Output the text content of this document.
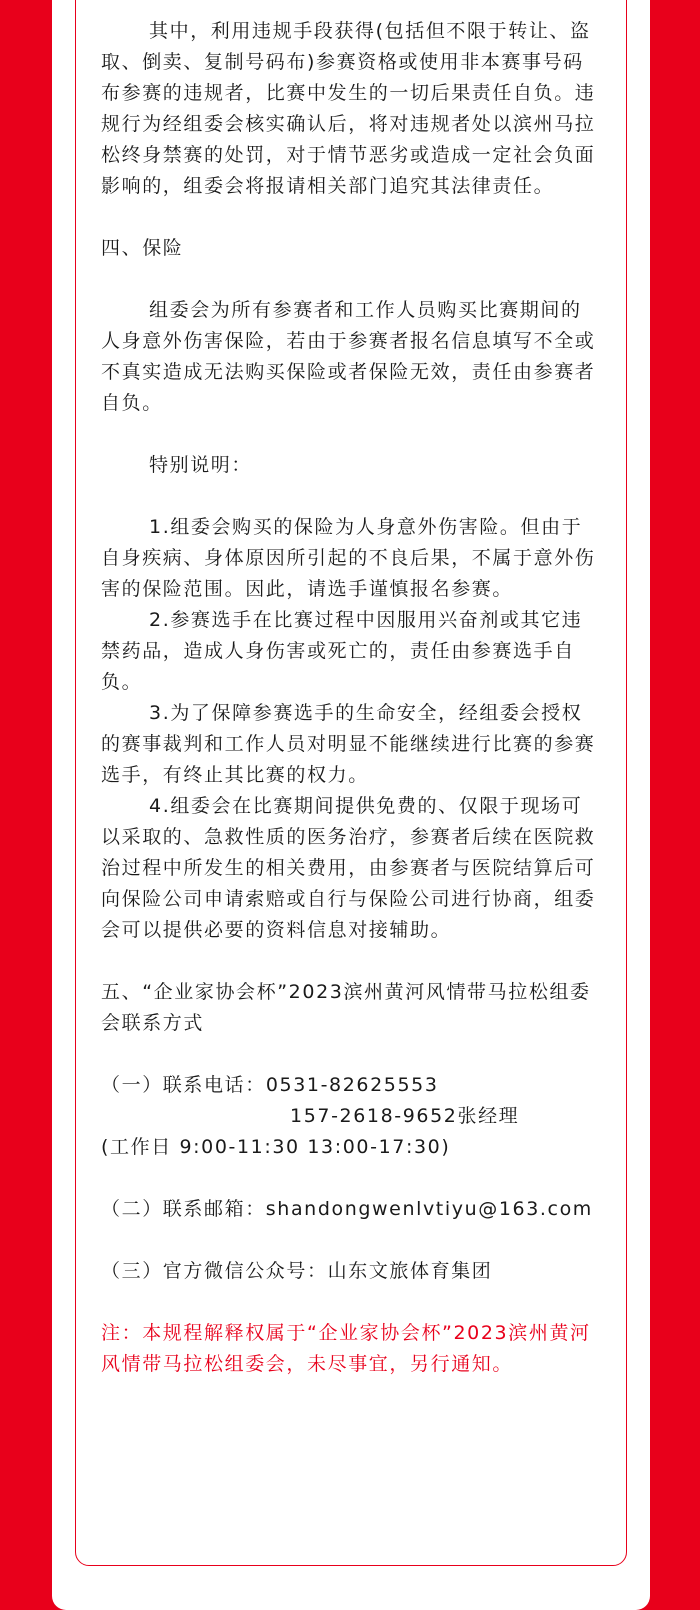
其中，利用违规手段获得(包括但不限于转让、盗取、倒卖、复制号码布)参赛资格或使用非本赛事号码布参赛的违规者，比赛中发生的一切后果责任自负。违规行为经组委会核实确认后，将对违规者处以滨州马拉松终身禁赛的处罚，对于情节恶劣或造成一定社会负面影响的，组委会将报请相关部门追究其法律责任。

四、保险

组委会为所有参赛者和工作人员购买比赛期间的人身意外伤害保险，若由于参赛者报名信息填写不全或不真实造成无法购买保险或者保险无效，责任由参赛者自负。

特别说明：

1.组委会购买的保险为人身意外伤害险。但由于自身疾病、身体原因所引起的不良后果，不属于意外伤害的保险范围。因此，请选手谨慎报名参赛。

2.参赛选手在比赛过程中因服用兴奋剂或其它违禁药品，造成人身伤害或死亡的，责任由参赛选手自负。

3.为了保障参赛选手的生命安全，经组委会授权的赛事裁判和工作人员对明显不能继续进行比赛的参赛选手，有终止其比赛的权力。

4.组委会在比赛期间提供免费的、仅限于现场可以采取的、急救性质的医务治疗，参赛者后续在医院救治过程中所发生的相关费用，由参赛者与医院结算后可向保险公司申请索赔或自行与保险公司进行协商，组委会可以提供必要的资料信息对接辅助。

五、“企业家协会杯”2023滨州黄河风情带马拉松组委会联系方式

（一）联系电话：0531-82625553

157-2618-9652张经理

(工作日 9:00-11:30 13:00-17:30)

（二）联系邮箱：shandongwenlvtiyu@163.com

（三）官方微信公众号：山东文旅体育集团

注：本规程解释权属于“企业家协会杯”2023滨州黄河风情带马拉松组委会，未尽事宜，另行通知。
